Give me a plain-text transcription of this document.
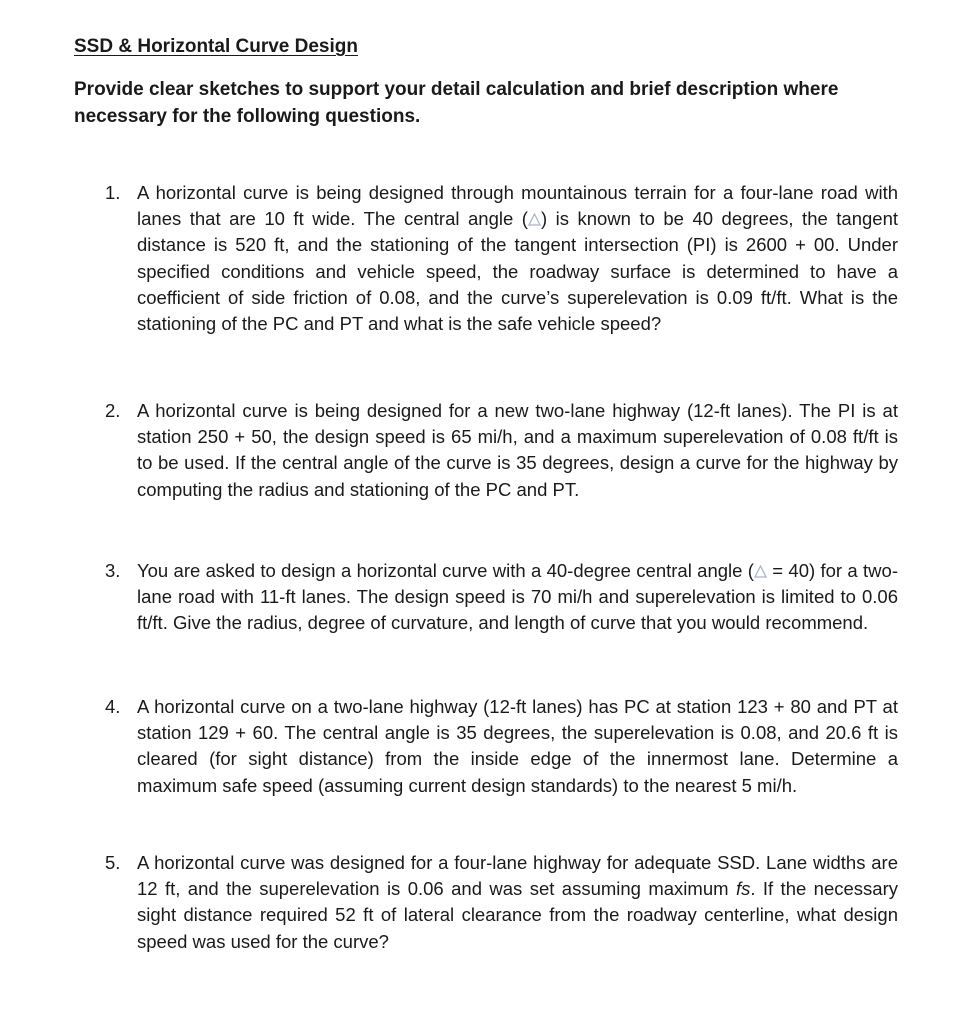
SSD & Horizontal Curve Design

Provide clear sketches to support your detail calculation and brief description where necessary for the following questions.

1. A horizontal curve is being designed through mountainous terrain for a four-lane road with lanes that are 10 ft wide. The central angle ( ) is known to be 40 degrees, the tangent distance is 520 ft, and the stationing of the tangent intersection (PI) is 2600 + 00. Under specified conditions and vehicle speed, the roadway surface is determined to have a coefficient of side friction of 0.08, and the curve’s superelevation is 0.09 ft/ft. What is the stationing of the PC and PT and what is the safe vehicle speed?

2. A horizontal curve is being designed for a new two-lane highway (12-ft lanes). The PI is at station 250 + 50, the design speed is 65 mi/h, and a maximum superelevation of 0.08 ft/ft is to be used. If the central angle of the curve is 35 degrees, design a curve for the highway by computing the radius and stationing of the PC and PT.

3. You are asked to design a horizontal curve with a 40-degree central angle (
= 40) for a two-lane road with 11-ft lanes. The design speed is 70 mi/h and superelevation is limited to 0.06 ft/ft. Give the radius, degree of curvature, and length of curve that you would recommend.

4. A horizontal curve on a two-lane highway (12-ft lanes) has PC at station 123 + 80 and PT at station 129 + 60. The central angle is 35 degrees, the superelevation is 0.08, and 20.6 ft is cleared (for sight distance) from the inside edge of the innermost lane. Determine a maximum safe speed (assuming current design standards) to the nearest 5 mi/h.

5. A horizontal curve was designed for a four-lane highway for adequate SSD. Lane widths are 12 ft, and the superelevation is 0.06 and was set assuming maximum fs. If the necessary sight distance required 52 ft of lateral clearance from the roadway centerline, what design speed was used for the curve?
